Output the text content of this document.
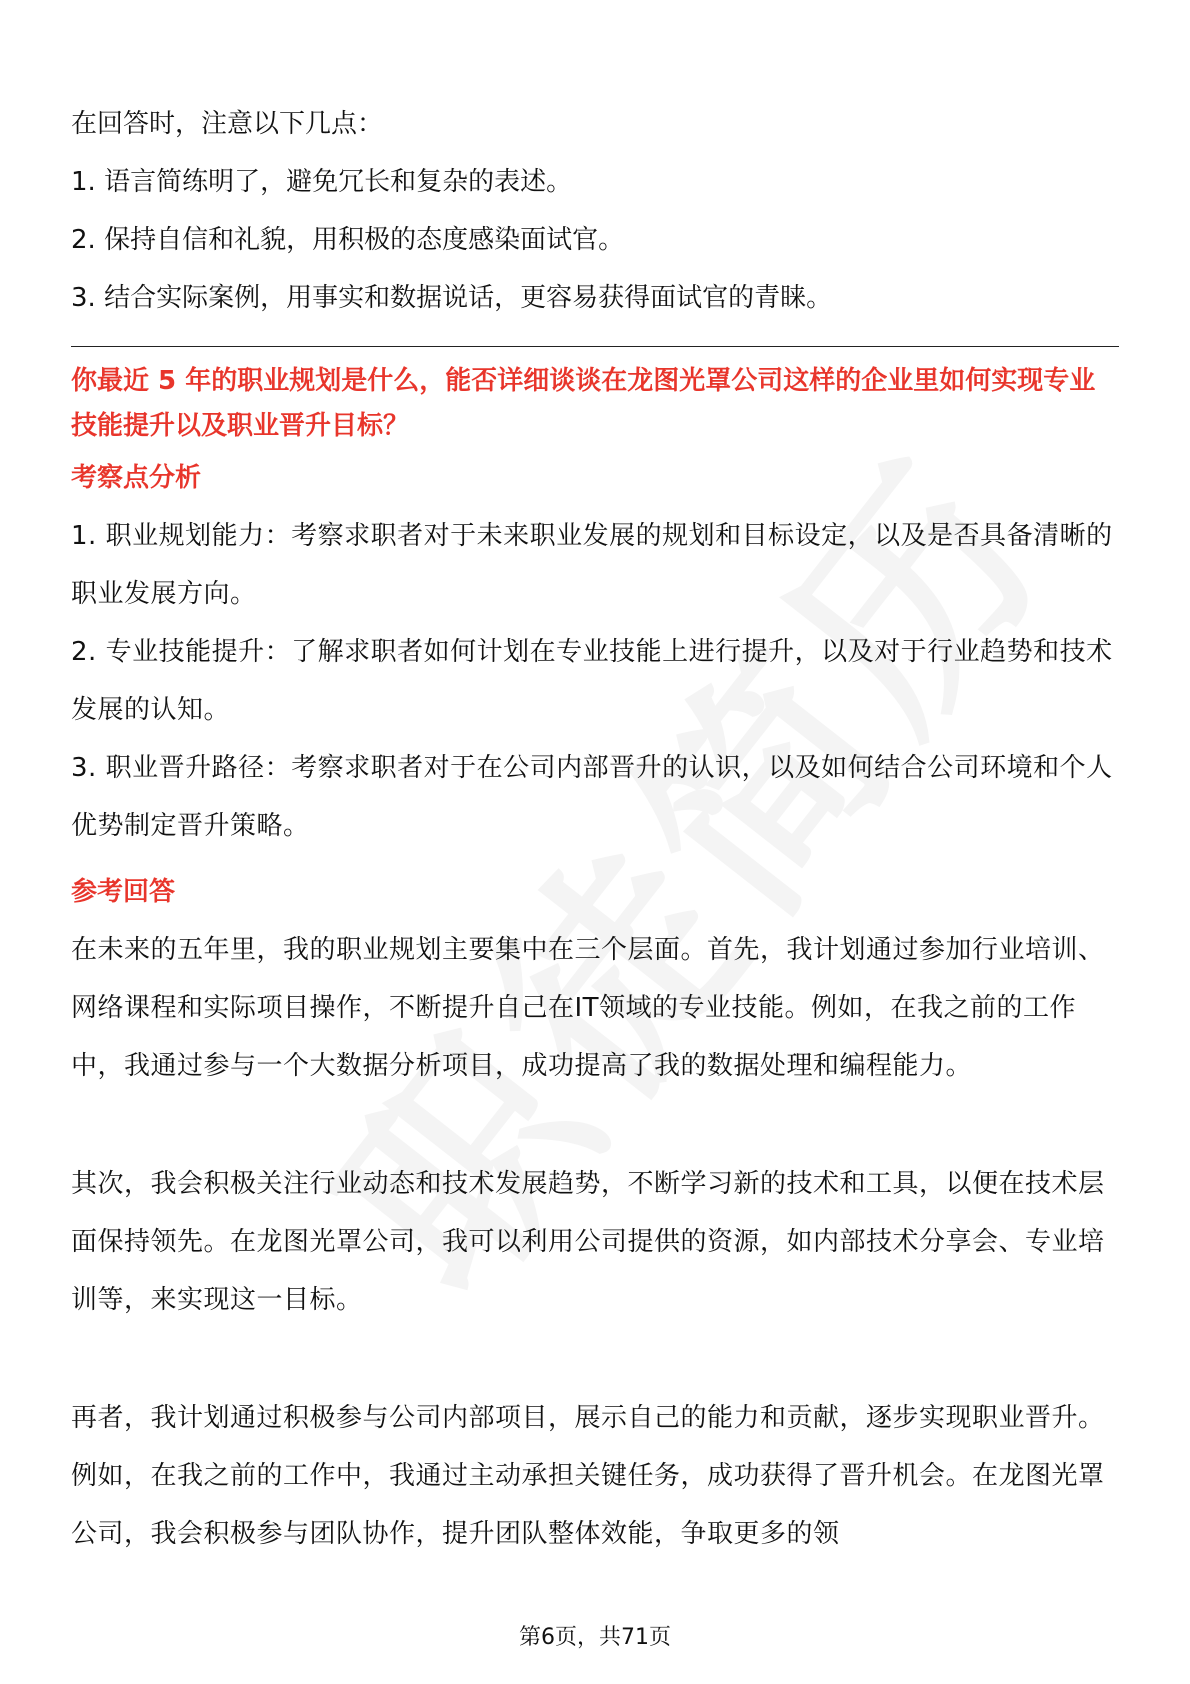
在回答时，注意以下几点：

1. 语言简练明了，避免冗长和复杂的表述。

2. 保持自信和礼貌，用积极的态度感染面试官。

3. 结合实际案例，用事实和数据说话，更容易获得面试官的青睐。

你最近 5 年的职业规划是什么，能否详细谈谈在龙图光罩公司这样的企业里如何实现专业技能提升以及职业晋升目标？

考察点分析

1. 职业规划能力：考察求职者对于未来职业发展的规划和目标设定，以及是否具备清晰的职业发展方向。

2. 专业技能提升：了解求职者如何计划在专业技能上进行提升，以及对于行业趋势和技术发展的认知。

3. 职业晋升路径：考察求职者对于在公司内部晋升的认识，以及如何结合公司环境和个人优势制定晋升策略。

参考回答

在未来的五年里，我的职业规划主要集中在三个层面。首先，我计划通过参加行业培训、网络课程和实际项目操作，不断提升自己在IT领域的专业技能。例如，在我之前的工作中，我通过参与一个大数据分析项目，成功提高了我的数据处理和编程能力。

其次，我会积极关注行业动态和技术发展趋势，不断学习新的技术和工具，以便在技术层面保持领先。在龙图光罩公司，我可以利用公司提供的资源，如内部技术分享会、专业培训等，来实现这一目标。

再者，我计划通过积极参与公司内部项目，展示自己的能力和贡献，逐步实现职业晋升。例如，在我之前的工作中，我通过主动承担关键任务，成功获得了晋升机会。在龙图光罩公司，我会积极参与团队协作，提升团队整体效能，争取更多的领

第6页，共71页
